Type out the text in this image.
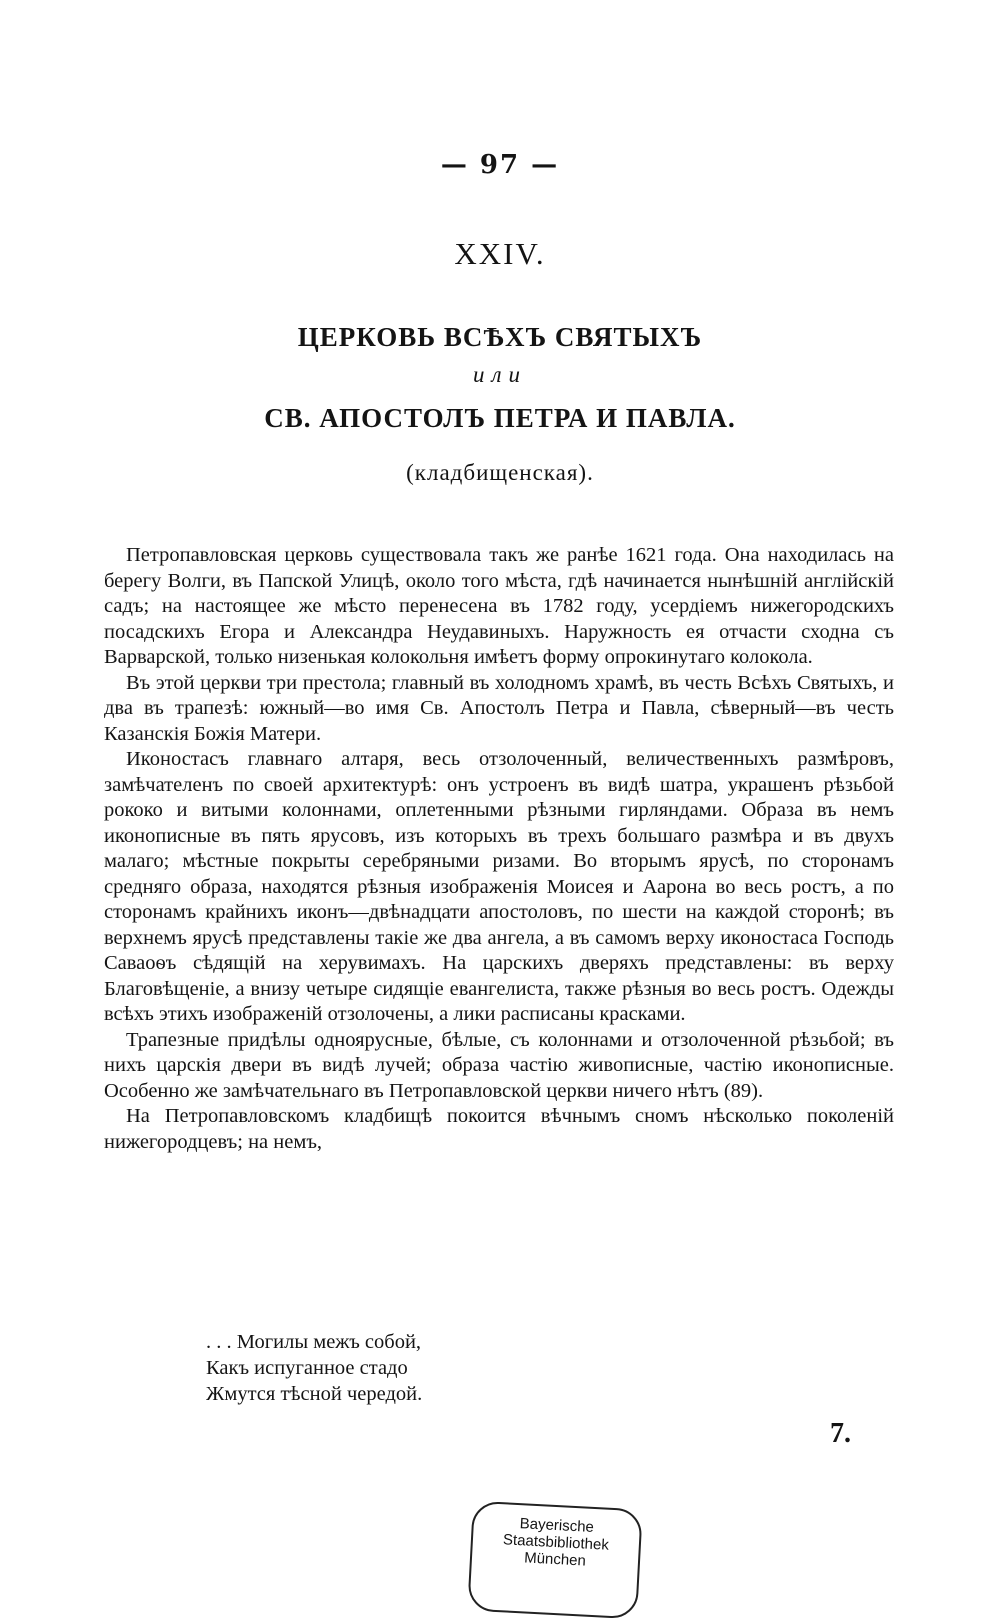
— 97 —
XXIV.
ЦЕРКОВЬ ВСѢХЪ СВЯТЫХЪ
или
СВ. АПОСТОЛЪ ПЕТРА И ПАВЛА.
(кладбищенская).

Петропавловская церковь существовала такъ же ранѣе 1621 года. Она находилась на берегу Волги, въ Папской Улицѣ, около того мѣста, гдѣ начинается нынѣшній англійскій садъ; на настоящее же мѣсто перенесена въ 1782 году, усердіемъ нижегородскихъ посадскихъ Егора и Александра Неудавиныхъ. Наружность ея отчасти сходна съ Варварской, только низенькая колокольня имѣетъ форму опрокинутаго колокола.

Въ этой церкви три престола; главный въ холодномъ храмѣ, въ честь Всѣхъ Святыхъ, и два въ трапезѣ: южный—во имя Св. Апостолъ Петра и Павла, сѣверный—въ честь Казанскія Божія Матери.

Иконостасъ главнаго алтаря, весь отзолоченный, величественныхъ размѣровъ, замѣчателенъ по своей архитектурѣ: онъ устроенъ въ видѣ шатра, украшенъ рѣзьбой рококо и витыми колоннами, оплетенными рѣзными гирляндами. Образа въ немъ иконописные въ пять ярусовъ, изъ которыхъ въ трехъ большаго размѣра и въ двухъ малаго; мѣстные покрыты серебряными ризами. Во вторымъ ярусѣ, по сторонамъ средняго образа, находятся рѣзныя изображенія Моисея и Аарона во весь ростъ, а по сторонамъ крайнихъ иконъ—двѣнадцати апостоловъ, по шести на каждой сторонѣ; въ верхнемъ ярусѣ представлены такіе же два ангела, а въ самомъ верху иконостаса Господь Саваоѳъ сѣдящій на херувимахъ. На царскихъ дверяхъ представлены: въ верху Благовѣщеніе, а внизу четыре сидящіе евангелиста, также рѣзныя во весь ростъ. Одежды всѣхъ этихъ изображеній отзолочены, а лики расписаны красками.

Трапезные придѣлы одноярусные, бѣлые, съ колоннами и отзолоченной рѣзьбой; въ нихъ царскія двери въ видѣ лучей; образа частію живописные, частію иконописные. Особенно же замѣчательнаго въ Петропавловской церкви ничего нѣтъ (89).

На Петропавловскомъ кладбищѣ покоится вѣчнымъ сномъ нѣсколько поколеній нижегородцевъ; на немъ,

. . . Могилы межъ собой,
Какъ испуганное стадо
Жмутся тѣсной чередой.
7.
Bayerische
Staatsbibliothek
München
